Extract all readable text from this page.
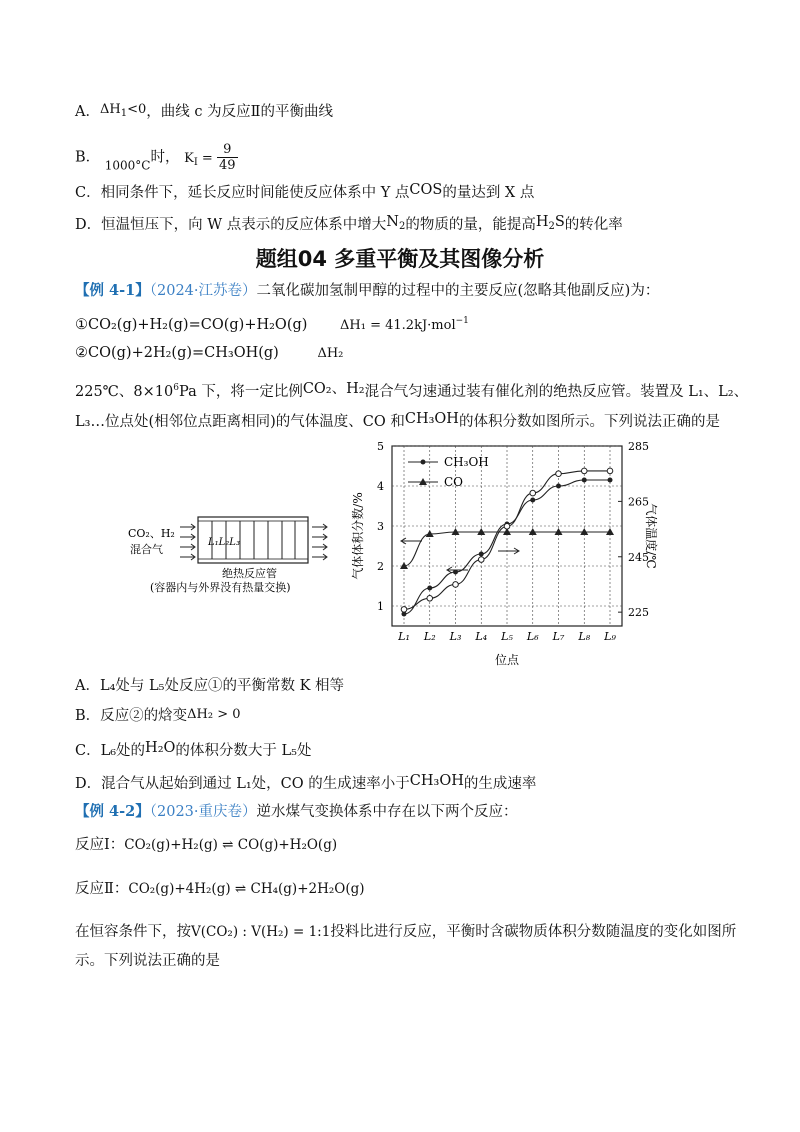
A．$\Delta H_1<0$，曲线 c 为反应Ⅱ的平衡曲线
B． $_{1000^\circ C}$时， $K_I = \frac{9}{49}$
C．相同条件下，延长反应时间能使反应体系中 Y 点COS的量达到 X 点
D．恒温恒压下，向 W 点表示的反应体系中增大$N_2$的物质的量，能提高$H_2S$的转化率
题组04 多重平衡及其图像分析
【例 4-1】（2024·江苏卷）二氧化碳加氢制甲醇的过程中的主要反应(忽略其他副反应)为：
①CO₂(g)+H₂(g)=CO(g)+H₂O(g)	ΔH₁ = 41.2kJ·mol$^{-1}$
②CO(g)+2H₂(g)=CH₃OH(g)	ΔH₂
225℃、$8\times 10^6Pa$ 下，将一定比例CO₂、H₂混合气匀速通过装有催化剂的绝热反应管。装置及 L₁、L₂、
L₃…位点处(相邻位点距离相同)的气体温度、CO 和CH₃OH的体积分数如图所示。下列说法正确的是
CO₂、H₂
混合气
L₁L₂L₃
绝热反应管
(容器内与外界没有热量交换)
L₁ L₂ L₃ L₄ L₅ L₆ L₇ L₈ L₉
1
2
3
4
5
225
245
265
285
气体体积分数/%	气体温度/℃
位点
CH₃OH
CO
A．L₄处与 L₅处反应①的平衡常数 K 相等
B．反应②的焓变ΔH₂ > 0
C．L₆处的H₂O的体积分数大于 L₅处
D．混合气从起始到通过 L₁处，CO 的生成速率小于CH₃OH的生成速率
【例 4-2】（2023·重庆卷）逆水煤气变换体系中存在以下两个反应：
反应Ⅰ：CO₂(g)+H₂(g) ⇌ CO(g)+H₂O(g)
反应Ⅱ：CO₂(g)+4H₂(g) ⇌ CH₄(g)+2H₂O(g)
在恒容条件下，按V(CO₂) : V(H₂) = 1:1投料比进行反应，平衡时含碳物质体积分数随温度的变化如图所
示。下列说法正确的是
